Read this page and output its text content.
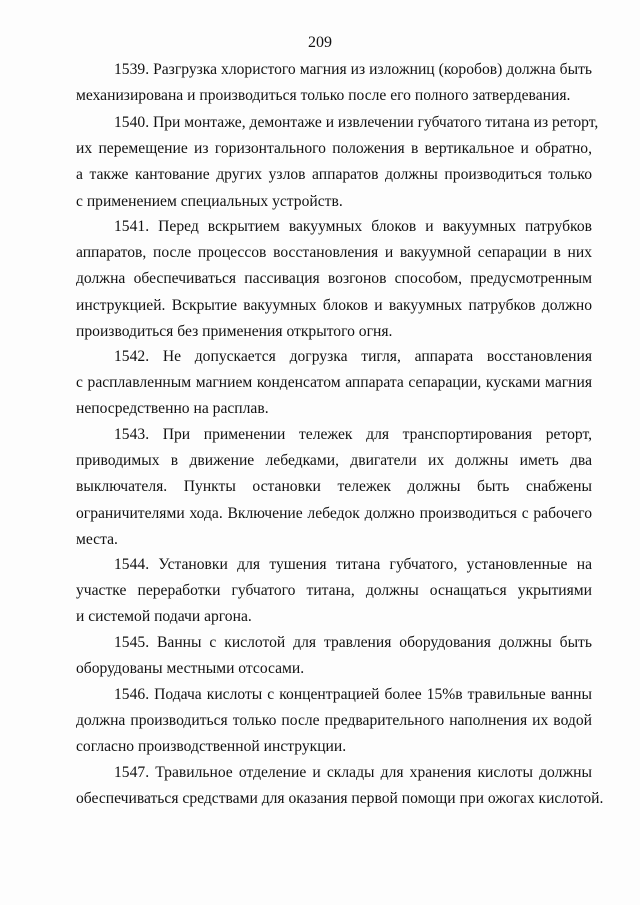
209
1539. Разгрузка хлористого магния из изложниц (коробов) должна быть
механизирована и производиться только после его полного затвердевания.
1540. При монтаже, демонтаже и извлечении губчатого титана из реторт,
их перемещение из горизонтального положения в вертикальное и обратно,
а также кантование других узлов аппаратов должны производиться только
с применением специальных устройств.
1541. Перед вскрытием вакуумных блоков и вакуумных патрубков
аппаратов, после процессов восстановления и вакуумной сепарации в них
должна обеспечиваться пассивация возгонов способом, предусмотренным
инструкцией. Вскрытие вакуумных блоков и вакуумных патрубков должно
производиться без применения открытого огня.
1542. Не допускается догрузка тигля, аппарата восстановления
с расплавленным магнием конденсатом аппарата сепарации, кусками магния
непосредственно на расплав.
1543. При применении тележек для транспортирования реторт,
приводимых в движение лебедками, двигатели их должны иметь два
выключателя. Пункты остановки тележек должны быть снабжены
ограничителями хода. Включение лебедок должно производиться с рабочего
места.
1544. Установки для тушения титана губчатого, установленные на
участке переработки губчатого титана, должны оснащаться укрытиями
и системой подачи аргона.
1545. Ванны с кислотой для травления оборудования должны быть
оборудованы местными отсосами.
1546. Подача кислоты с концентрацией более 15%в травильные ванны
должна производиться только после предварительного наполнения их водой
согласно производственной инструкции.
1547. Травильное отделение и склады для хранения кислоты должны
обеспечиваться средствами для оказания первой помощи при ожогах кислотой.
